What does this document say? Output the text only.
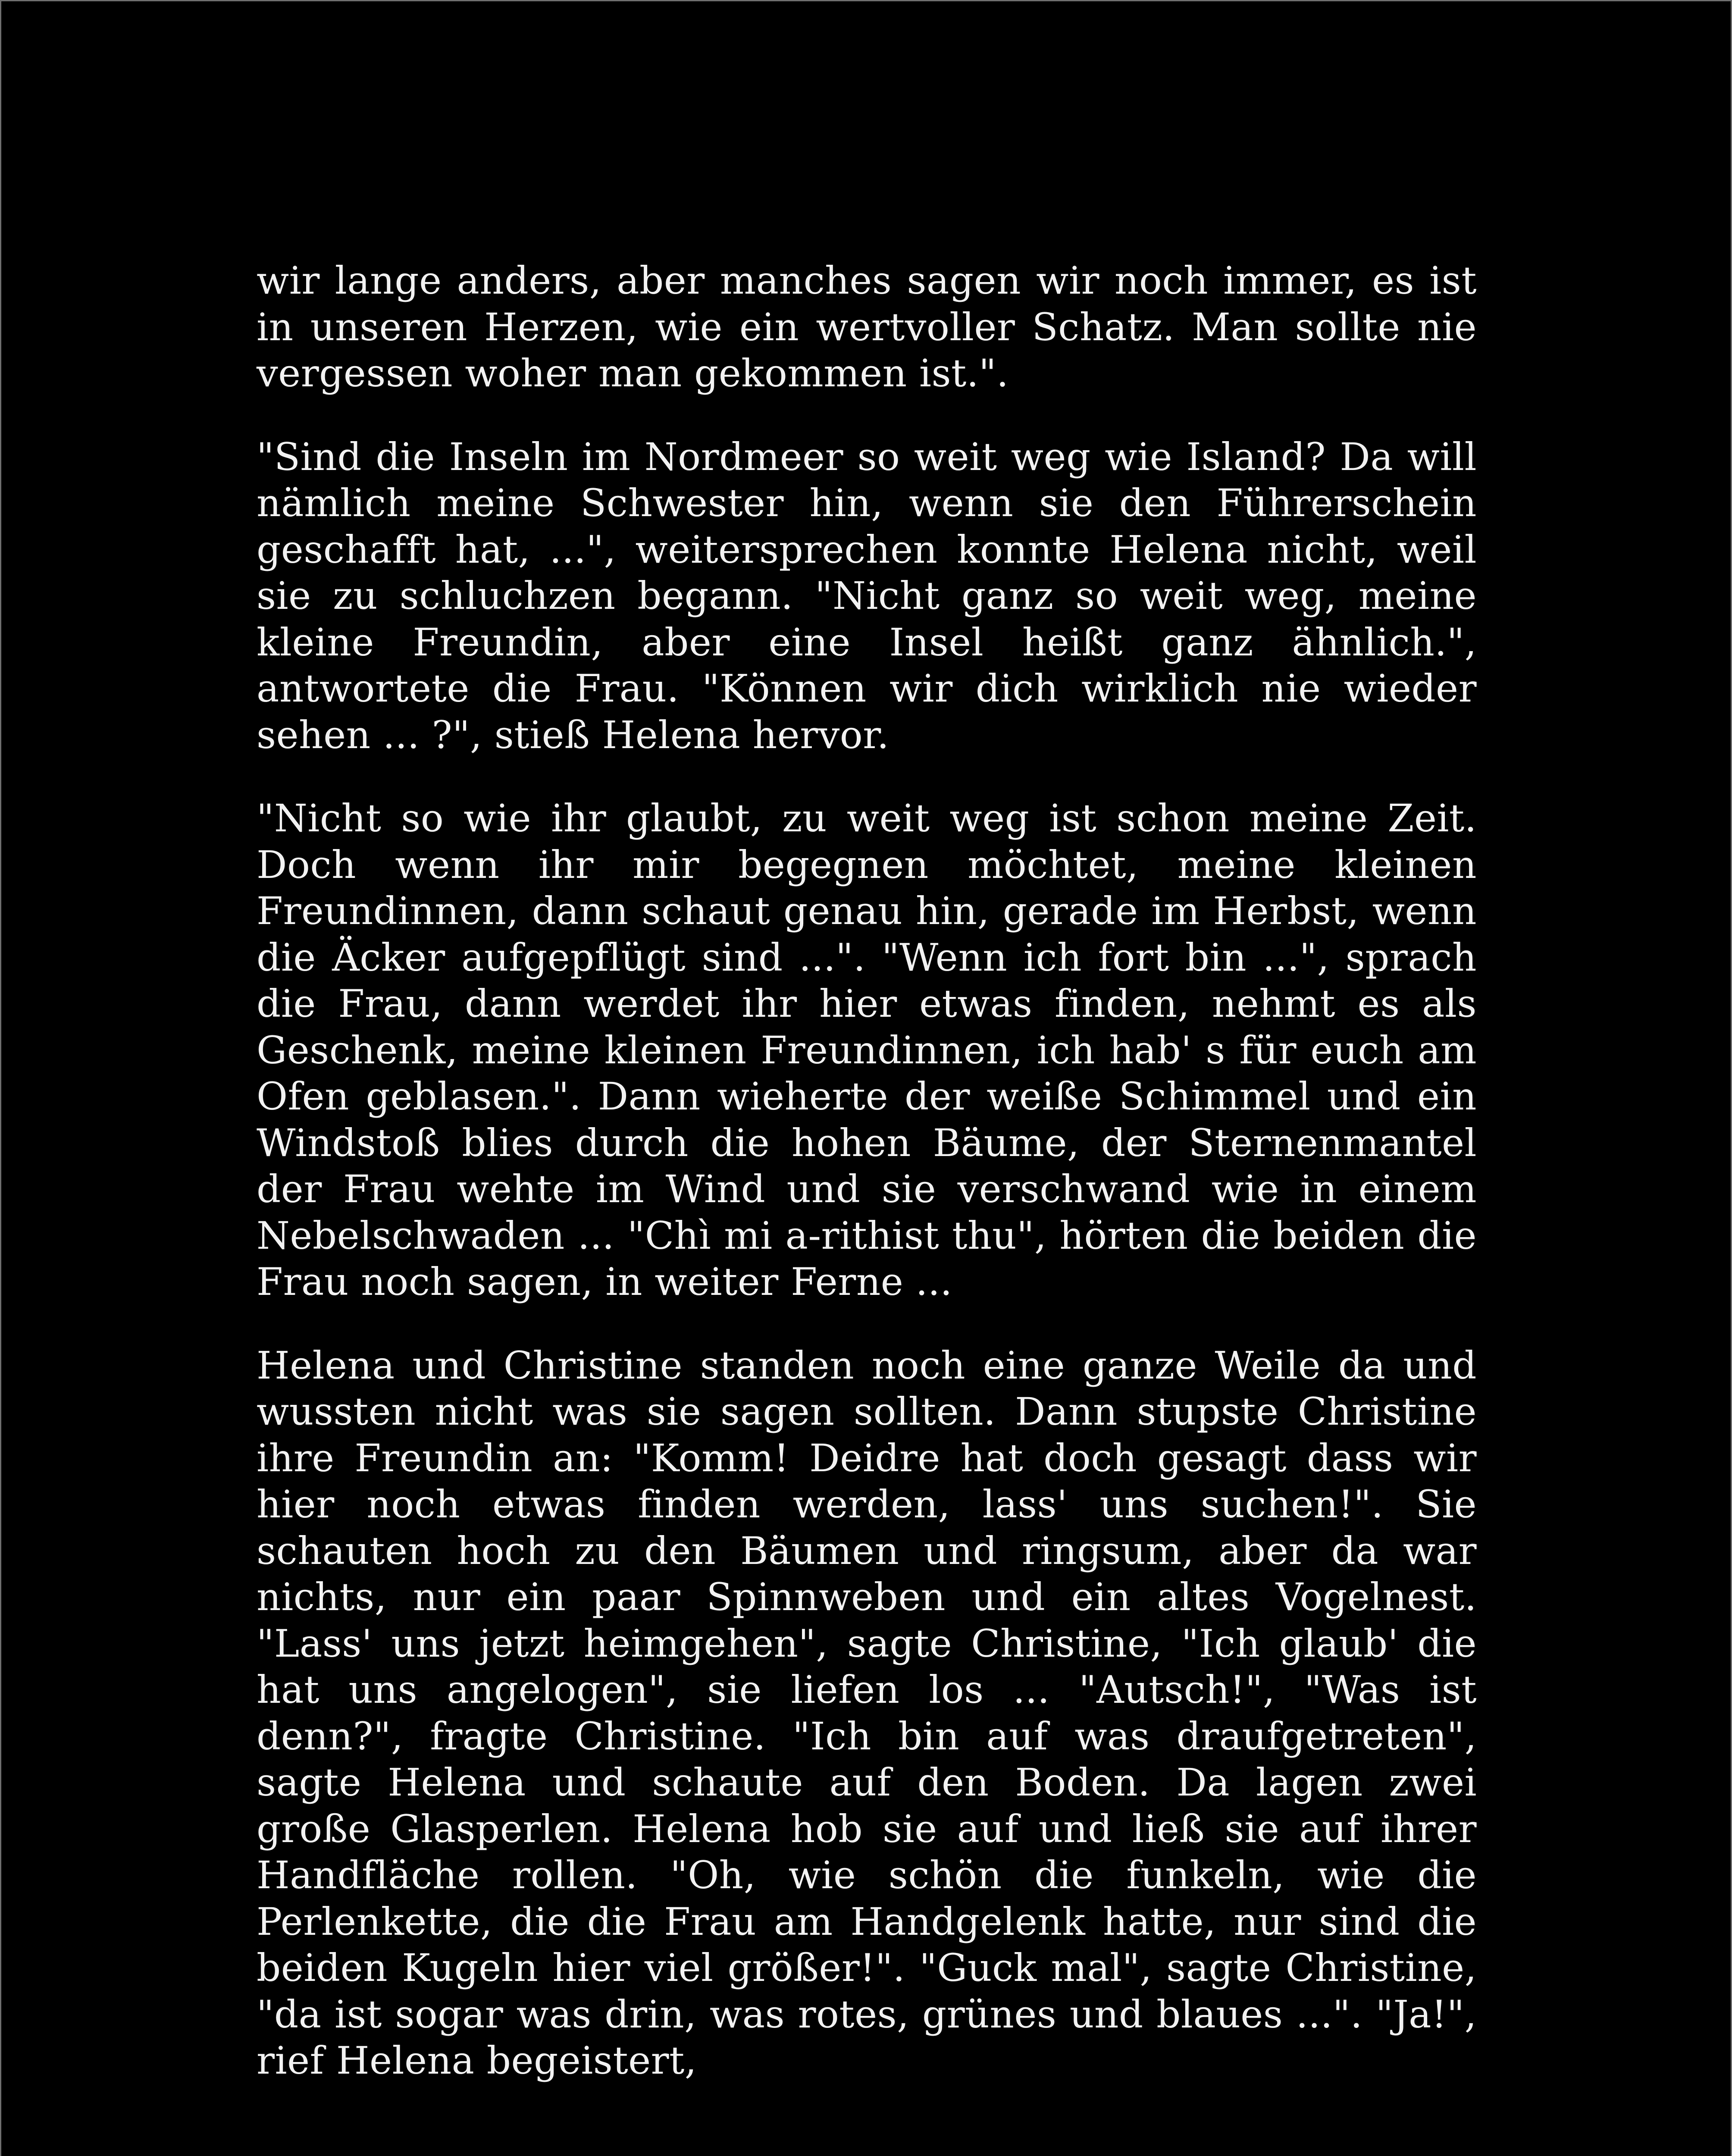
wir lange anders, aber manches sagen wir noch immer, es ist in unseren Herzen, wie ein wertvoller Schatz. Man sollte nie vergessen woher man gekommen ist.".

"Sind die Inseln im Nordmeer so weit weg wie Island? Da will nämlich meine Schwester hin, wenn sie den Führerschein geschafft hat, ...", weitersprechen konnte Helena nicht, weil sie zu schluchzen begann. "Nicht ganz so weit weg, meine kleine Freundin, aber eine Insel heißt ganz ähnlich.", antwortete die Frau. "Können wir dich wirklich nie wieder sehen ... ?", stieß Helena hervor.

"Nicht so wie ihr glaubt, zu weit weg ist schon meine Zeit. Doch wenn ihr mir begegnen möchtet, meine kleinen Freundinnen, dann schaut genau hin, gerade im Herbst, wenn die Äcker aufgepflügt sind ...". "Wenn ich fort bin ...", sprach die Frau, dann werdet ihr hier etwas finden, nehmt es als Geschenk, meine kleinen Freundinnen, ich hab' s für euch am Ofen geblasen.". Dann wieherte der weiße Schimmel und ein Windstoß blies durch die hohen Bäume, der Sternenmantel der Frau wehte im Wind und sie verschwand wie in einem Nebelschwaden ... "Chì mi a-rithist thu", hörten die beiden die Frau noch sagen, in weiter Ferne ...

Helena und Christine standen noch eine ganze Weile da und wussten nicht was sie sagen sollten. Dann stupste Christine ihre Freundin an: "Komm! Deidre hat doch gesagt dass wir hier noch etwas finden werden, lass' uns suchen!". Sie schauten hoch zu den Bäumen und ringsum, aber da war nichts, nur ein paar Spinnweben und ein altes Vogelnest. "Lass' uns jetzt heimgehen", sagte Christine, "Ich glaub' die hat uns angelogen", sie liefen los ... "Autsch!", "Was ist denn?", fragte Christine. "Ich bin auf was draufgetreten", sagte Helena und schaute auf den Boden. Da lagen zwei große Glasperlen. Helena hob sie auf und ließ sie auf ihrer Handfläche rollen. "Oh, wie schön die funkeln, wie die Perlenkette, die die Frau am Handgelenk hatte, nur sind die beiden Kugeln hier viel größer!". "Guck mal", sagte Christine, "da ist sogar was drin, was rotes, grünes und blaues ...". "Ja!", rief Helena begeistert,
